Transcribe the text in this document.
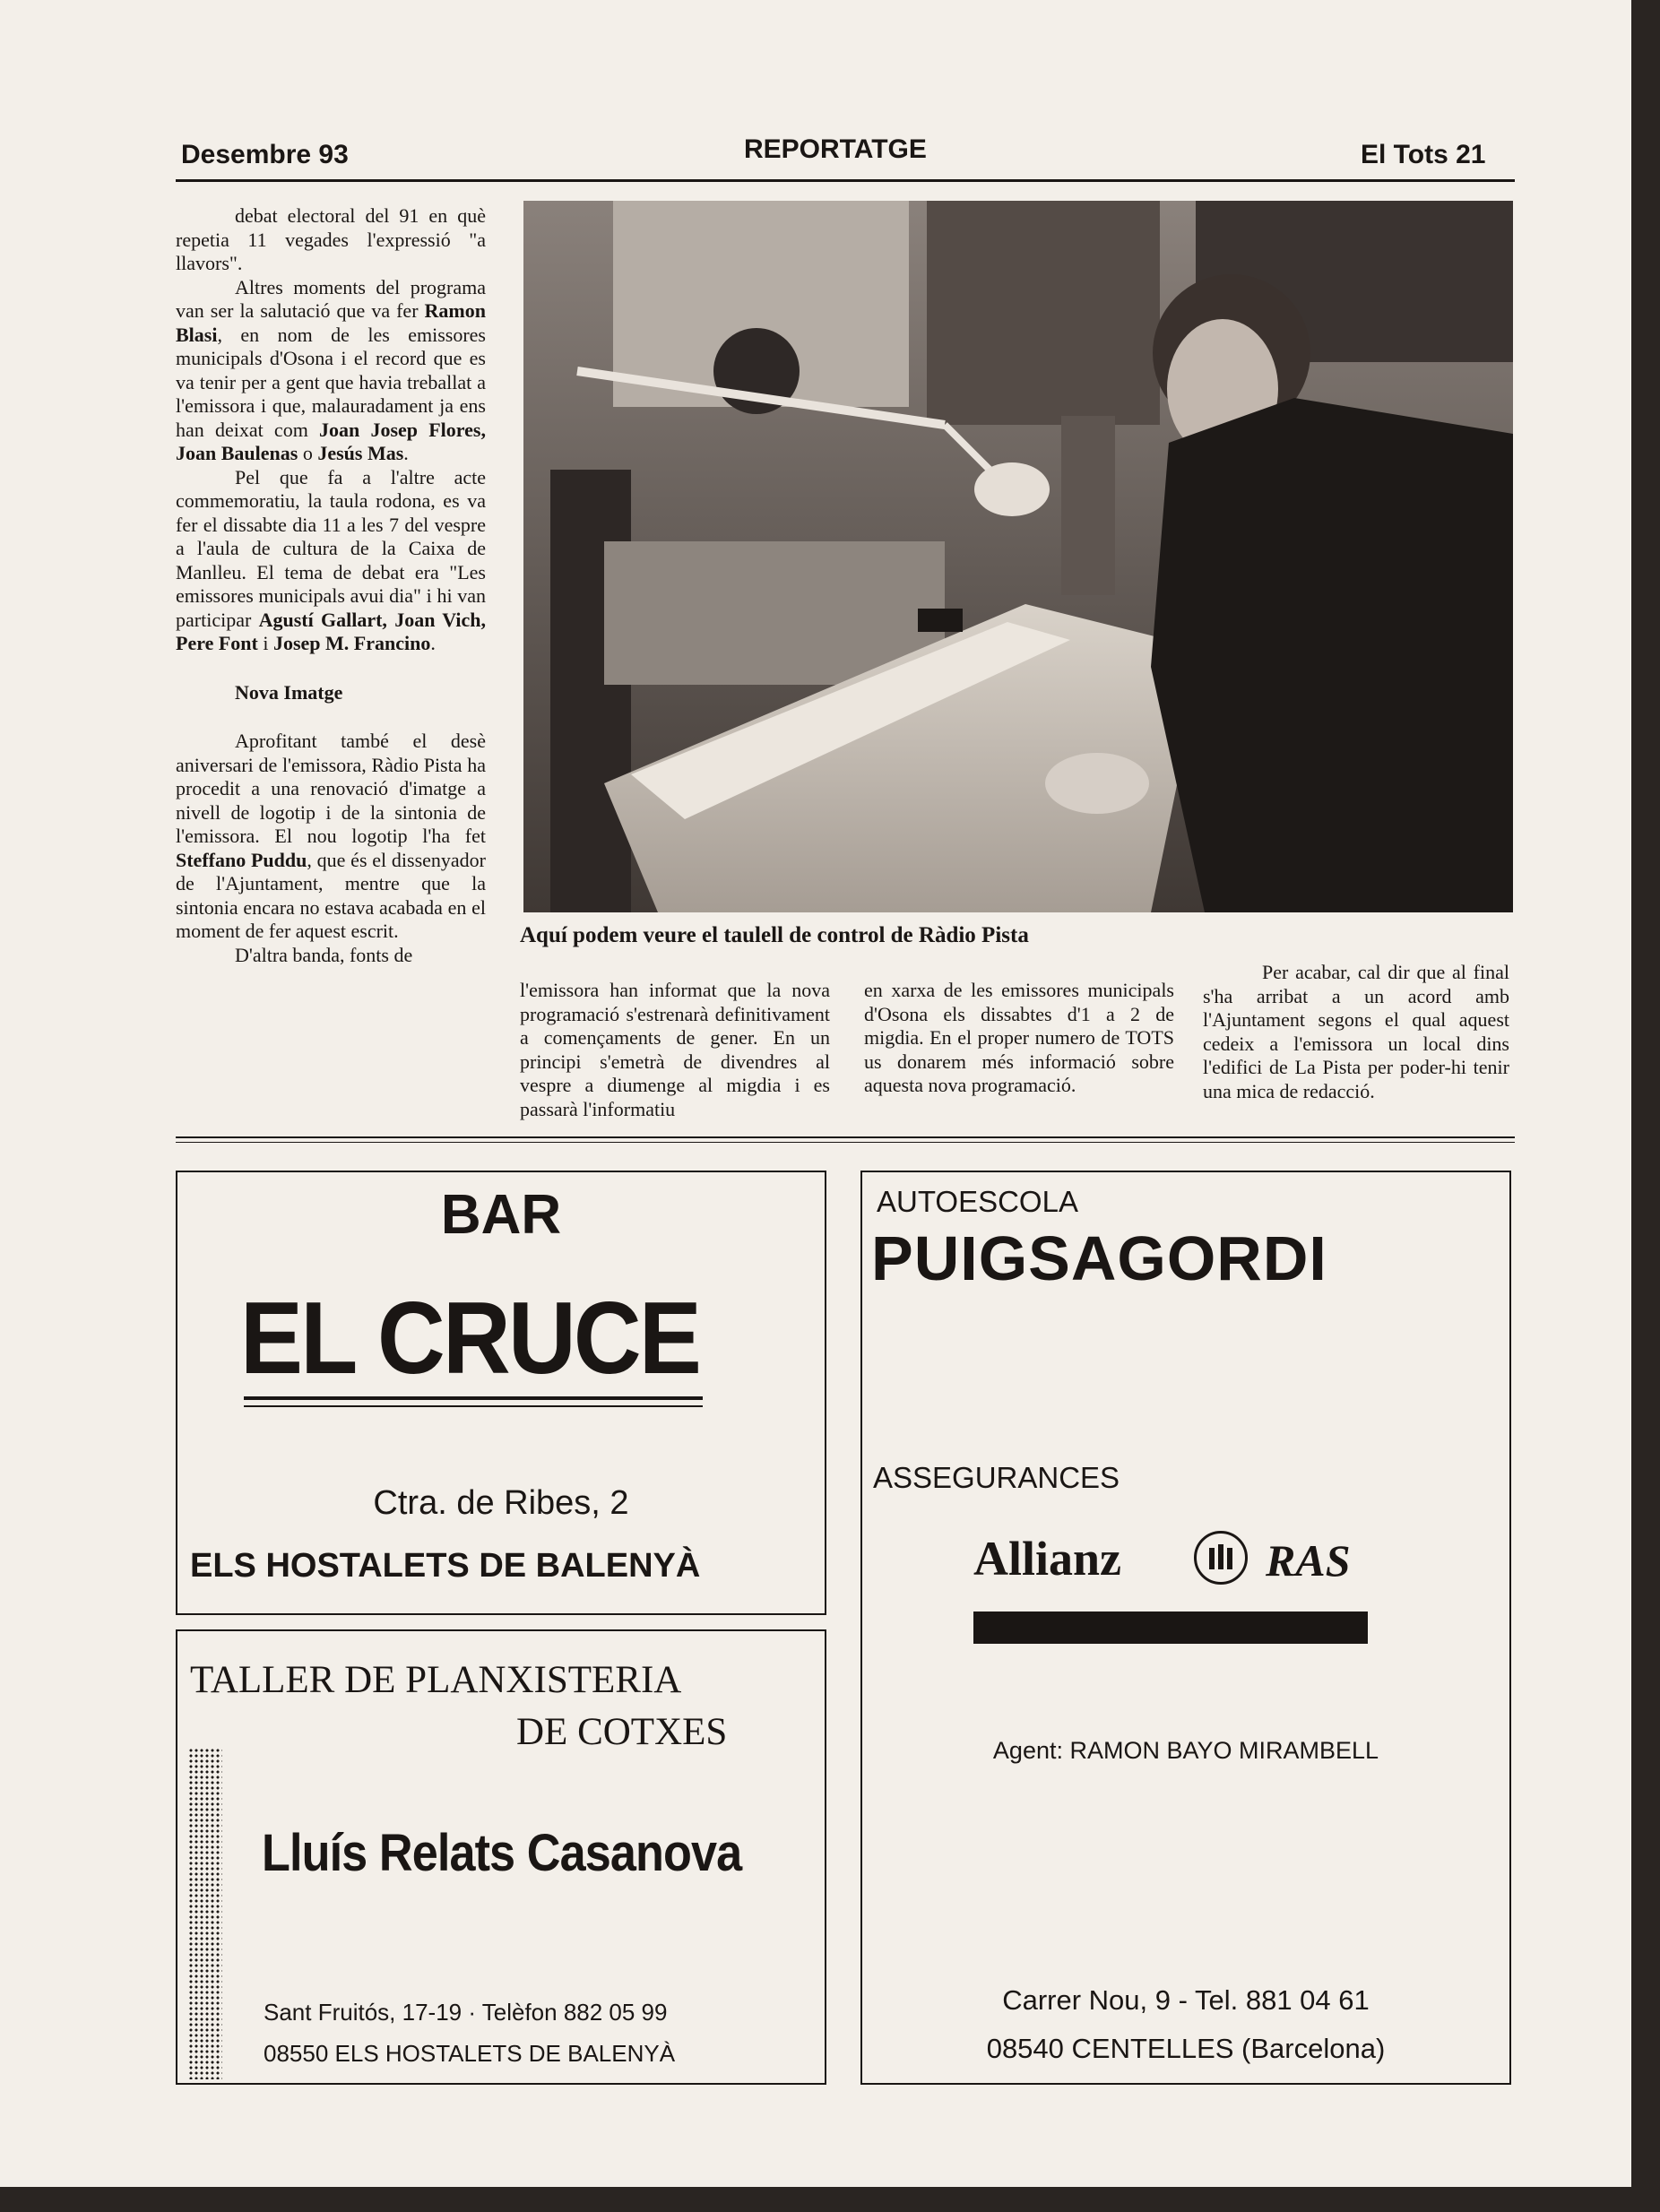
Desembre 93	REPORTATGE	El Tots 21

debat electoral del 91 en què repetia 11 vegades l'expressió "a llavors".

Altres moments del programa van ser la salutació que va fer Ramon Blasi, en nom de les emissores municipals d'Osona i el record que es va tenir per a gent que havia treballat a l'emissora i que, malauradament ja ens han deixat com Joan Josep Flores, Joan Baulenas o Jesús Mas.

Pel que fa a l'altre acte commemoratiu, la taula rodona, es va fer el dissabte dia 11 a les 7 del vespre a l'aula de cultura de la Caixa de Manlleu. El tema de debat era "Les emissores municipals avui dia" i hi van participar Agustí Gallart, Joan Vich, Pere Font i Josep M. Francino.

Nova Imatge

Aprofitant també el desè aniversari de l'emissora, Ràdio Pista ha procedit a una renovació d'imatge a nivell de logotip i de la sintonia de l'emissora. El nou logotip l'ha fet Steffano Puddu, que és el dissenyador de l'Ajuntament, mentre que la sintonia encara no estava acabada en el moment de fer aquest escrit.

D'altra banda, fonts de

Aquí podem veure el taulell de control de Ràdio Pista

l'emissora han informat que la nova programació s'estrenarà definitivament a començaments de gener. En un principi s'emetrà de divendres al vespre a diumenge al migdia i es passarà l'informatiu

en xarxa de les emissores municipals d'Osona els dissabtes d'1 a 2 de migdia. En el proper numero de TOTS us donarem més informació sobre aquesta nova programació.

Per acabar, cal dir que al final s'ha arribat a un acord amb l'Ajuntament segons el qual aquest cedeix a l'emissora un local dins l'edifici de La Pista per poder-hi tenir una mica de redacció.

BAR
EL CRUCE
Ctra. de Ribes, 2
ELS HOSTALETS DE BALENYÀ
TALLER DE PLANXISTERIA
DE COTXES
Lluís Relats Casanova
Sant Fruitós, 17-19 · Telèfon 882 05 99
08550 ELS HOSTALETS DE BALENYÀ
AUTOESCOLA
PUIGSAGORDI
ASSEGURANCES
Allianz	RAS
Agent: RAMON BAYO MIRAMBELL
Carrer Nou, 9 - Tel. 881 04 61
08540 CENTELLES (Barcelona)
